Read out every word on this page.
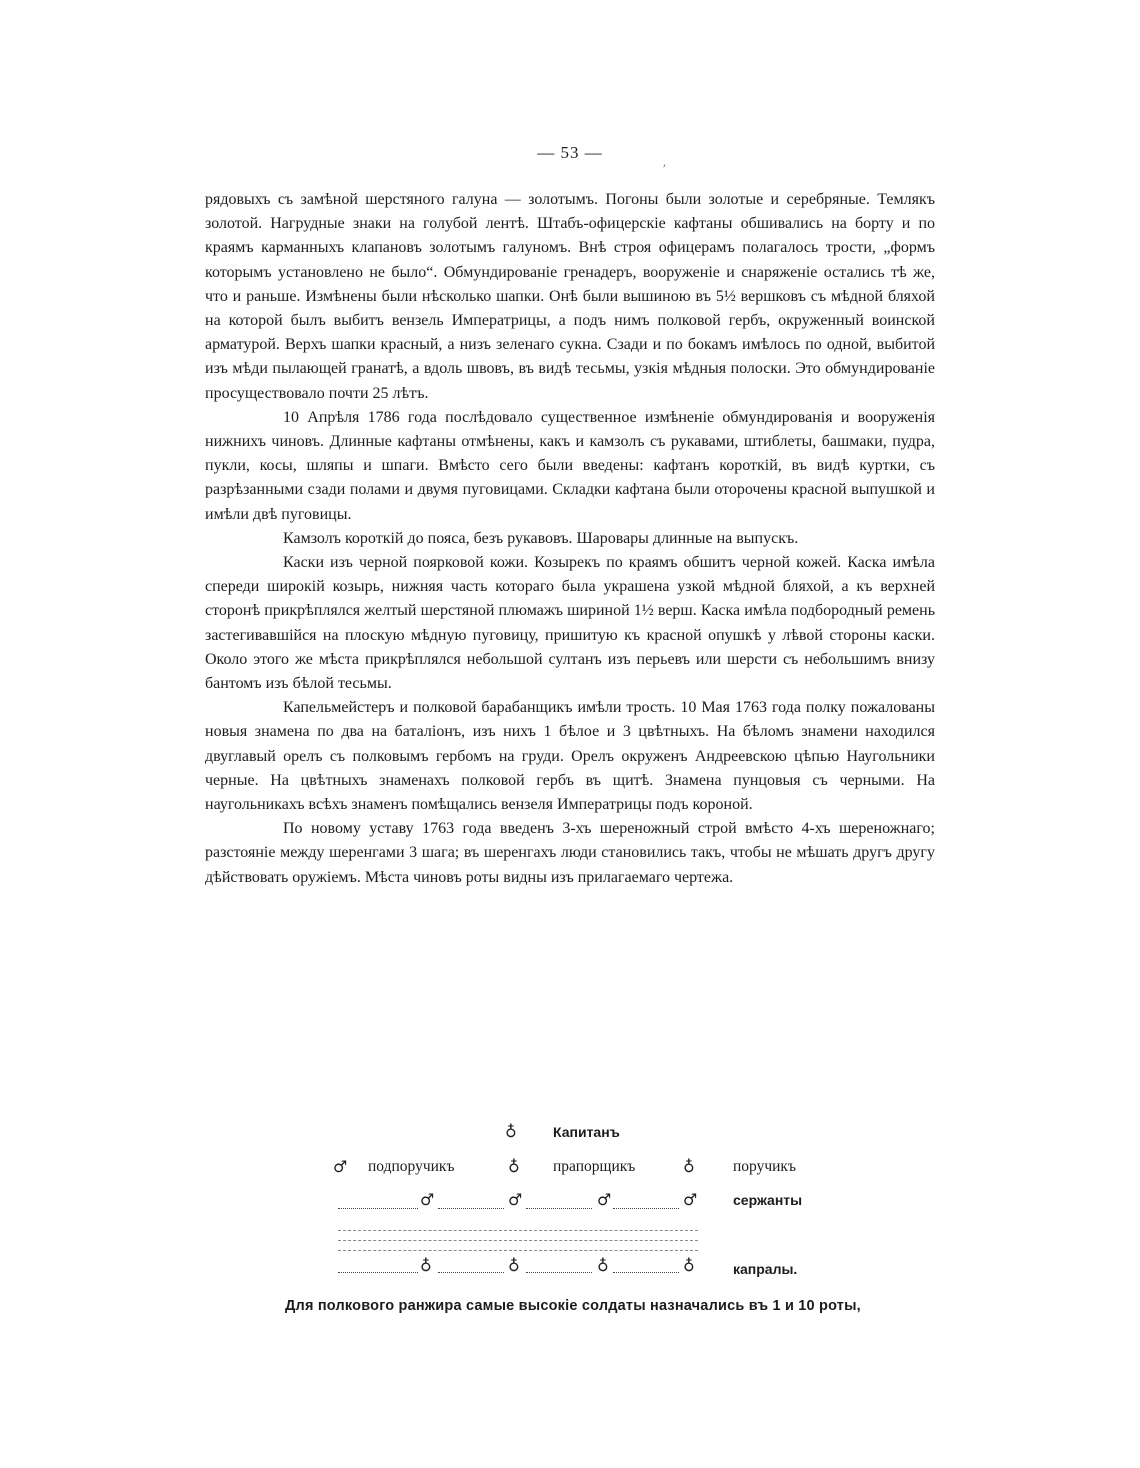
— 53 —
׳

рядовыхъ съ замѣной шерстяного галуна — золотымъ. Погоны были золотые и серебряные. Темлякъ золотой. Нагрудные знаки на голубой лентѣ. Штабъ-офицерскіе кафтаны обшивались на борту и по краямъ карманныхъ клапановъ золотымъ галуномъ. Внѣ строя офицерамъ полагалось трости, „формъ которымъ установлено не было“. Обмундированіе гренадеръ, вооруженіе и снаряженіе остались тѣ же, что и раньше. Измѣнены были нѣсколько шапки. Онѣ были вышиною въ 5½ вершковъ съ мѣдной бляхой на которой былъ выбитъ вензель Императрицы, а подъ нимъ полковой гербъ, окруженный воинской арматурой. Верхъ шапки красный, а низъ зеленаго сукна. Сзади и по бокамъ имѣлось по одной, выбитой изъ мѣди пылающей гранатѣ, а вдоль швовъ, въ видѣ тесьмы, узкія мѣдныя полоски. Это обмундированіе просуществовало почти 25 лѣтъ.

10 Апрѣля 1786 года послѣдовало существенное измѣненіе обмундированія и вооруженія нижнихъ чиновъ. Длинные кафтаны отмѣнены, какъ и камзолъ съ рукавами, штиблеты, башмаки, пудра, пукли, косы, шляпы и шпаги. Вмѣсто сего были введены: кафтанъ короткій, въ видѣ куртки, съ разрѣзанными сзади полами и двумя пуговицами. Складки кафтана были оторочены красной выпушкой и имѣли двѣ пуговицы.

Камзолъ короткій до пояса, безъ рукавовъ. Шаровары длинные на выпускъ.

Каски изъ черной поярковой кожи. Козырекъ по краямъ обшитъ черной кожей. Каска имѣла спереди широкій козырь, нижняя часть котораго была украшена узкой мѣдной бляхой, а къ верхней сторонѣ прикрѣплялся желтый шерстяной плюмажъ шириной 1½ верш. Каска имѣла подбородный ремень застегивавшійся на плоскую мѣдную пуговицу, пришитую къ красной опушкѣ у лѣвой стороны каски. Около этого же мѣста прикрѣплялся небольшой султанъ изъ перьевъ или шерсти съ небольшимъ внизу бантомъ изъ бѣлой тесьмы.

Капельмейстеръ и полковой барабанщикъ имѣли трость. 10 Мая 1763 года полку пожалованы новыя знамена по два на баталіонъ, изъ нихъ 1 бѣлое и 3 цвѣтныхъ. На бѣломъ знамени находился двуглавый орелъ съ полковымъ гербомъ на груди. Орелъ окруженъ Андреевскою цѣпью Наугольники черные. На цвѣтныхъ знаменахъ полковой гербъ въ щитѣ. Знамена пунцовыя съ черными. На наугольникахъ всѣхъ знаменъ помѣщались вензеля Императрицы подъ короной.

По новому уставу 1763 года введенъ 3-хъ шереножный строй вмѣсто 4-хъ шереножнаго; разстояніе между шеренгами 3 шага; въ шеренгахъ люди становились такъ, чтобы не мѣшать другъ другу дѣйствовать оружіемъ. Мѣста чиновъ роты видны изъ прилагаемаго чертежа.

♁	Капитанъ
♂ подпоручикъ	♁ прапорщикъ	♁ поручикъ
♂	♂	♂	♂	сержанты
♁	♁	♁	♁	капралы.
Для полкового ранжира самые высокіе солдаты назначались въ 1 и 10 роты,
